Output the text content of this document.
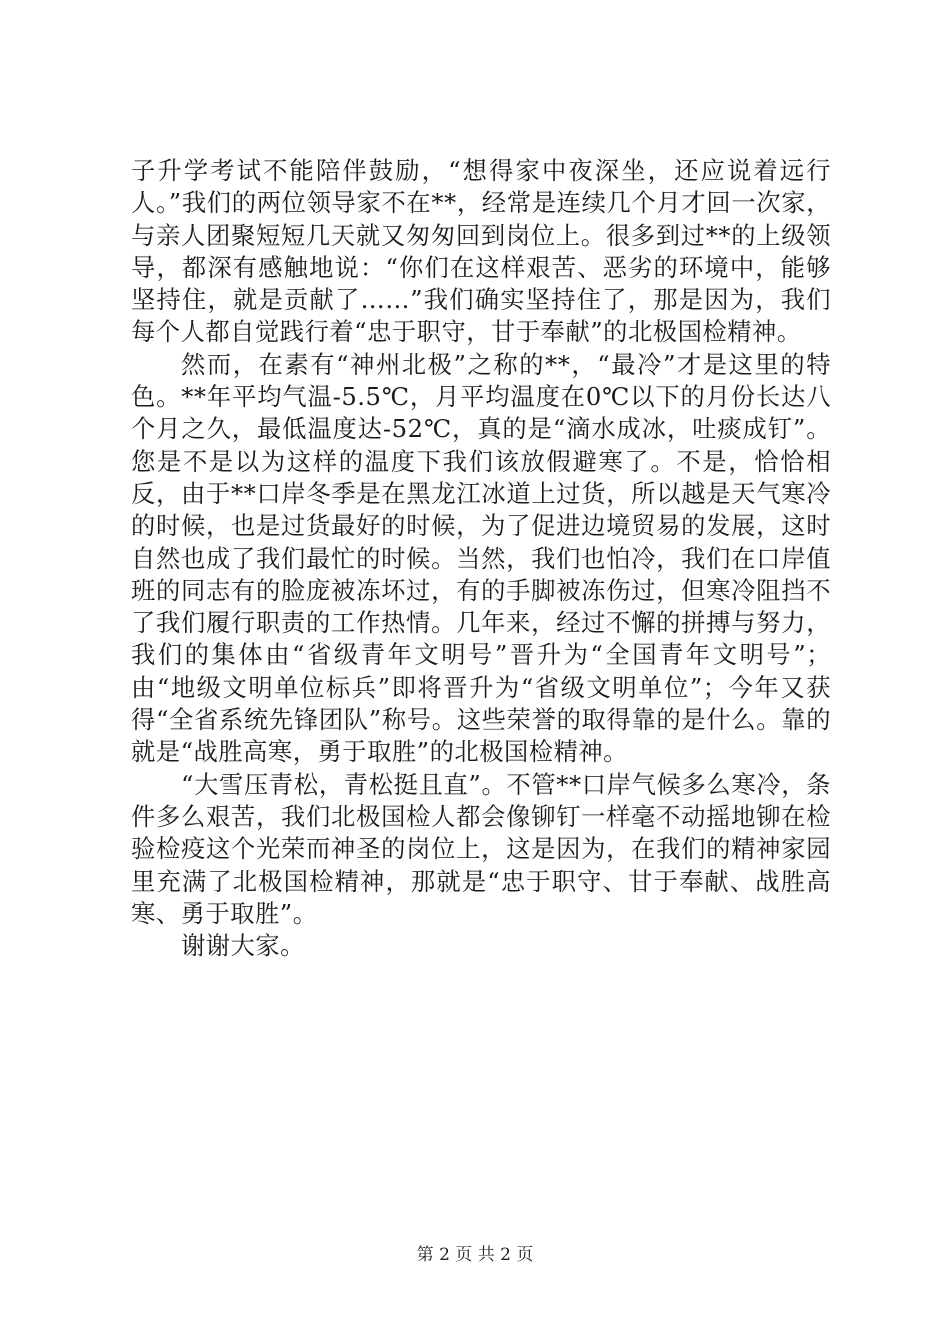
子升学考试不能陪伴鼓励，“想得家中夜深坐，还应说着远行人。”我们的两位领导家不在**，经常是连续几个月才回一次家，与亲人团聚短短几天就又匆匆回到岗位上。很多到过**的上级领导，都深有感触地说：“你们在这样艰苦、恶劣的环境中，能够坚持住，就是贡献了……”我们确实坚持住了，那是因为，我们每个人都自觉践行着“忠于职守，甘于奉献”的北极国检精神。

然而，在素有“神州北极”之称的**，“最冷”才是这里的特色。**年平均气温-5.5℃，月平均温度在0℃以下的月份长达八个月之久，最低温度达-52℃，真的是“滴水成冰，吐痰成钉”。您是不是以为这样的温度下我们该放假避寒了。不是，恰恰相反，由于**口岸冬季是在黑龙江冰道上过货，所以越是天气寒冷的时候，也是过货最好的时候，为了促进边境贸易的发展，这时自然也成了我们最忙的时候。当然，我们也怕冷，我们在口岸值班的同志有的脸庞被冻坏过，有的手脚被冻伤过，但寒冷阻挡不了我们履行职责的工作热情。几年来，经过不懈的拼搏与努力，我们的集体由“省级青年文明号”晋升为“全国青年文明号”；由“地级文明单位标兵”即将晋升为“省级文明单位”；今年又获得“全省系统先锋团队”称号。这些荣誉的取得靠的是什么。靠的就是“战胜高寒，勇于取胜”的北极国检精神。

“大雪压青松，青松挺且直”。不管**口岸气候多么寒冷，条件多么艰苦，我们北极国检人都会像铆钉一样毫不动摇地铆在检验检疫这个光荣而神圣的岗位上，这是因为，在我们的精神家园里充满了北极国检精神，那就是“忠于职守、甘于奉献、战胜高寒、勇于取胜”。

谢谢大家。

第 2 页 共 2 页
